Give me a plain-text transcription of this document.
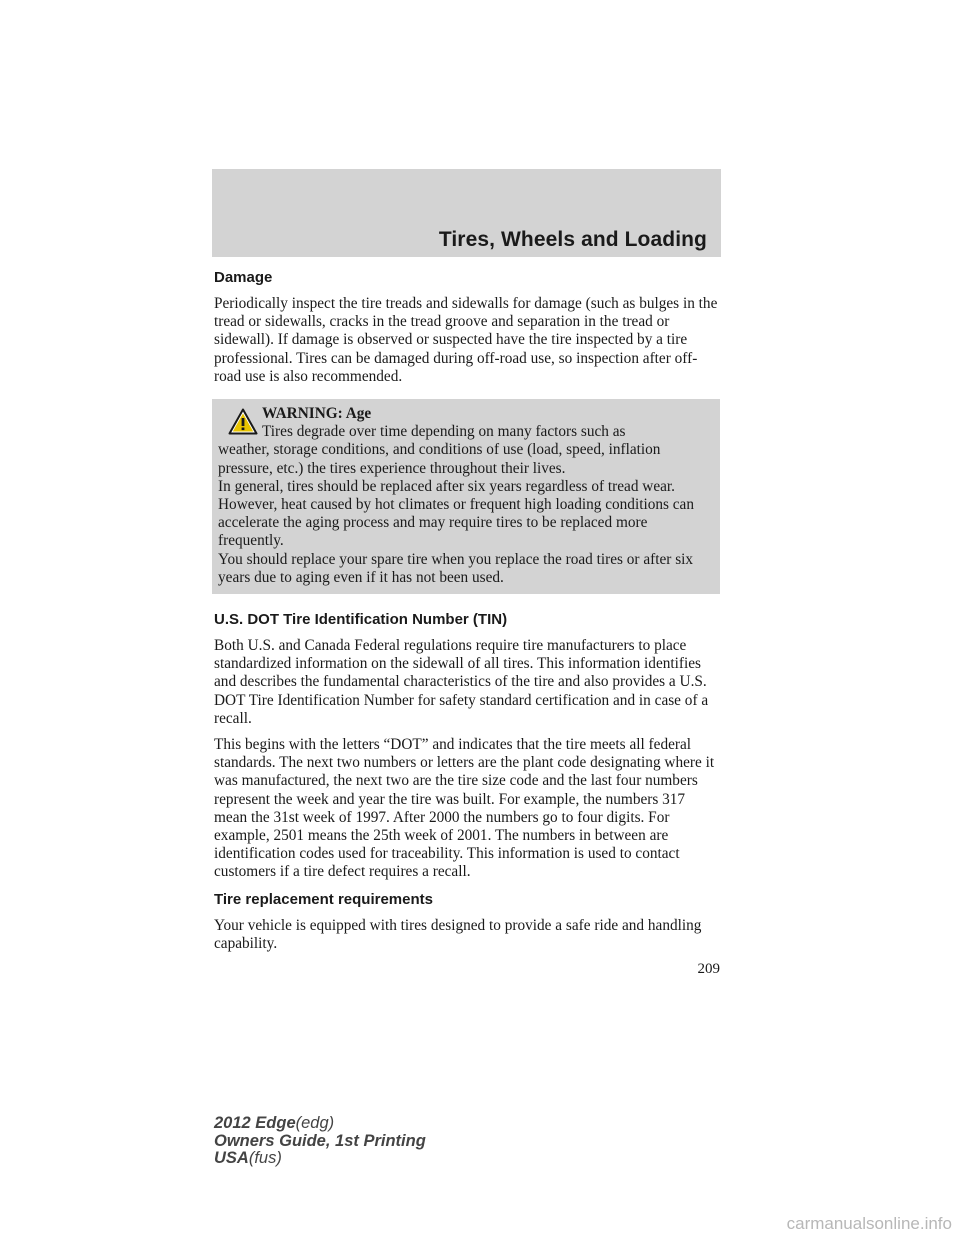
Tires, Wheels and Loading
Damage

Periodically inspect the tire treads and sidewalls for damage (such as bulges in the tread or sidewalls, cracks in the tread groove and separation in the tread or sidewall). If damage is observed or suspected have the tire inspected by a tire professional. Tires can be damaged during off-road use, so inspection after off-road use is also recommended.

WARNING: Age
Tires degrade over time depending on many factors such as
weather, storage conditions, and conditions of use (load, speed, inflation pressure, etc.) the tires experience throughout their lives.
In general, tires should be replaced after six years regardless of tread wear. However, heat caused by hot climates or frequent high loading conditions can accelerate the aging process and may require tires to be replaced more frequently.
You should replace your spare tire when you replace the road tires or after six years due to aging even if it has not been used.
U.S. DOT Tire Identification Number (TIN)

Both U.S. and Canada Federal regulations require tire manufacturers to place standardized information on the sidewall of all tires. This information identifies and describes the fundamental characteristics of the tire and also provides a U.S. DOT Tire Identification Number for safety standard certification and in case of a recall.

This begins with the letters “DOT” and indicates that the tire meets all federal standards. The next two numbers or letters are the plant code designating where it was manufactured, the next two are the tire size code and the last four numbers represent the week and year the tire was built. For example, the numbers 317 mean the 31st week of 1997. After 2000 the numbers go to four digits. For example, 2501 means the 25th week of 2001. The numbers in between are identification codes used for traceability. This information is used to contact customers if a tire defect requires a recall.

Tire replacement requirements

Your vehicle is equipped with tires designed to provide a safe ride and handling capability.

209
2012 Edge(edg)
Owners Guide, 1st Printing
USA(fus)
carmanualsonline.info
